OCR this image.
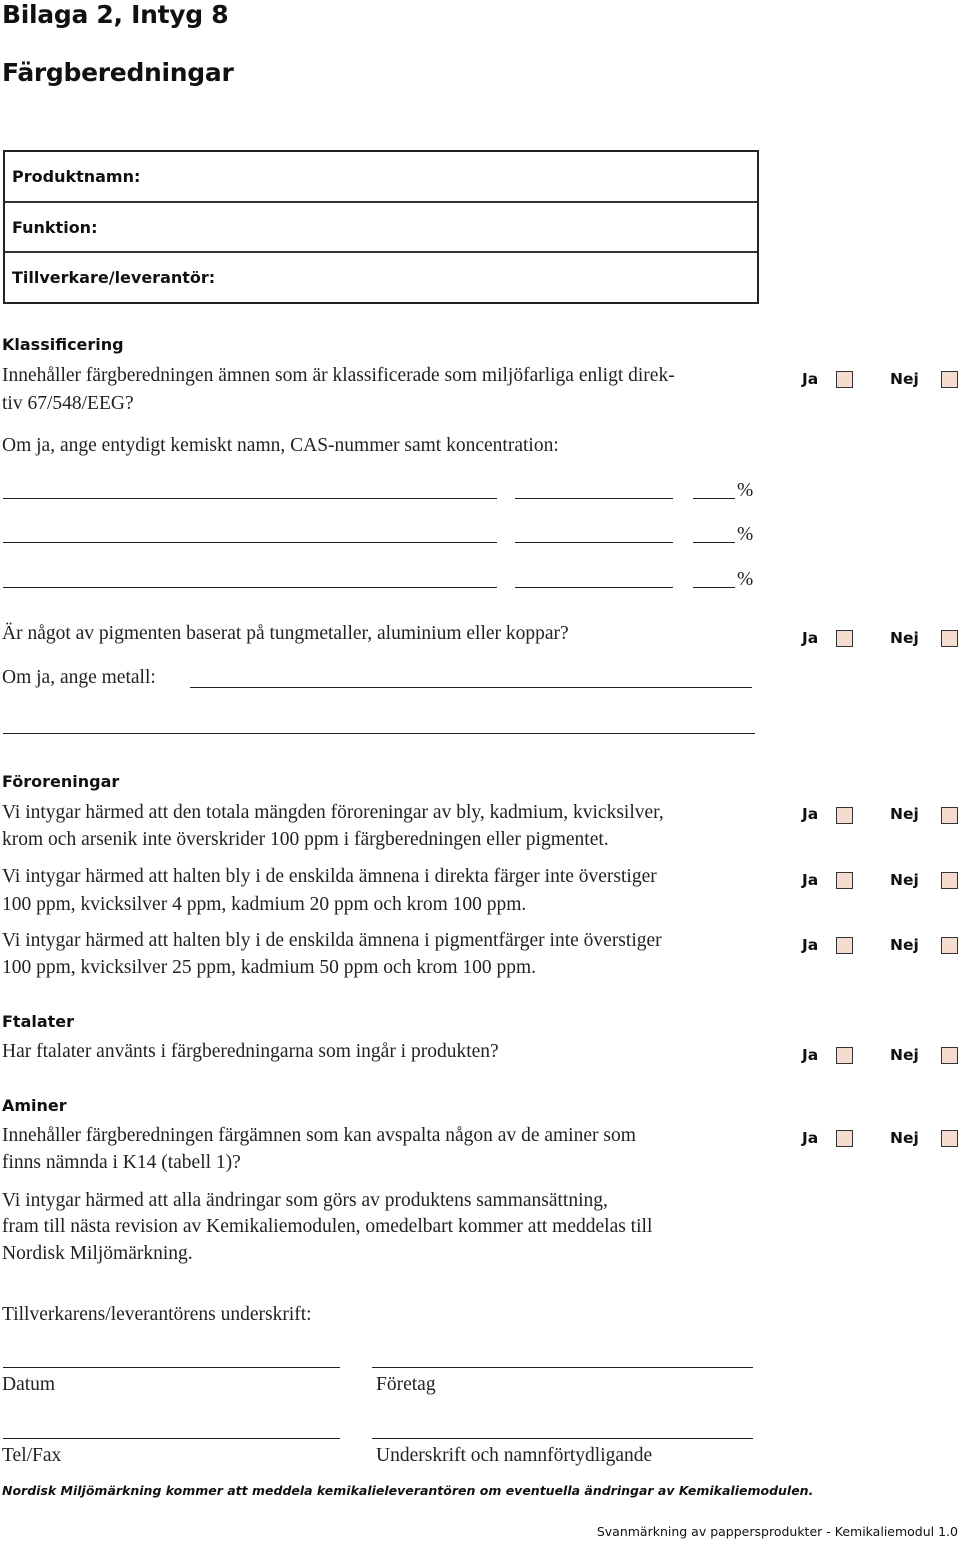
Bilaga 2, Intyg 8
Färgberedningar
Produktnamn:
Funktion:
Tillverkare/leverantör:
Klassificering
Innehåller färgberedningen ämnen som är klassificerade som miljöfarliga enligt direk-
tiv 67/548/EEG?
Ja	Nej
Om ja, ange entydigt kemiskt namn, CAS-nummer samt koncentration:
%
%
%
Är något av pigmenten baserat på tungmetaller, aluminium eller koppar?	Ja	Nej
Om ja, ange metall:
Föroreningar
Vi intygar härmed att den totala mängden föroreningar av bly, kadmium, kvicksilver,
krom och arsenik inte överskrider 100 ppm i färgberedningen eller pigmentet.
Ja	Nej
Vi intygar härmed att halten bly i de enskilda ämnena i direkta färger inte överstiger
100 ppm, kvicksilver 4 ppm, kadmium 20 ppm och krom 100 ppm.
Ja	Nej
Vi intygar härmed att halten bly i de enskilda ämnena i pigmentfärger inte överstiger
100 ppm, kvicksilver 25 ppm, kadmium 50 ppm och krom 100 ppm.
Ja	Nej
Ftalater
Har ftalater använts i färgberedningarna som ingår i produkten?	Ja	Nej
Aminer
Innehåller färgberedningen färgämnen som kan avspalta någon av de aminer som
finns nämnda i K14 (tabell 1)?
Ja	Nej
Vi intygar härmed att alla ändringar som görs av produktens sammansättning,
fram till nästa revision av Kemikaliemodulen, omedelbart kommer att meddelas till
Nordisk Miljömärkning.
Tillverkarens/leverantörens underskrift:
Datum	Företag
Tel/Fax	Underskrift och namnförtydligande
Nordisk Miljömärkning kommer att meddela kemikalieleverantören om eventuella ändringar av Kemikaliemodulen.
Svanmärkning av pappersprodukter - Kemikaliemodul 1.0
